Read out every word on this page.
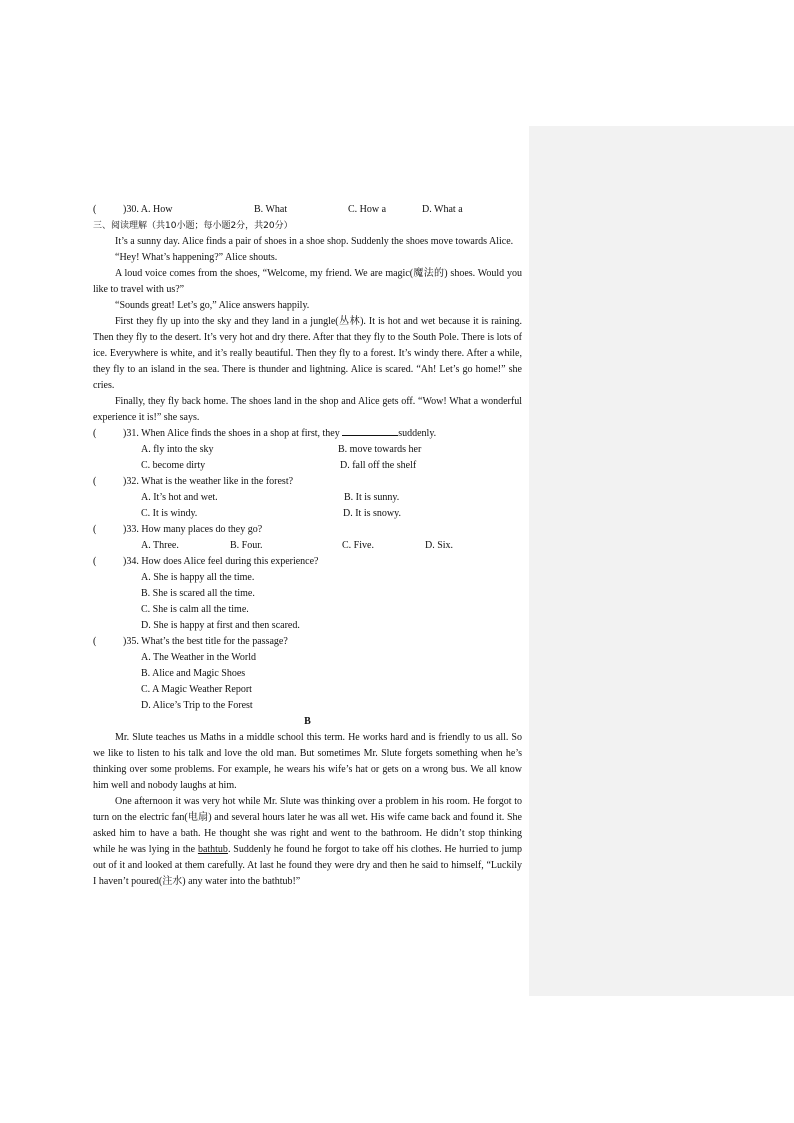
(	)30. A. How	B. What	C. How a	D. What a
三、阅读理解（共10小题；每小题2分，共20分）
It’s a sunny day. Alice finds a pair of shoes in a shoe shop. Suddenly the shoes move towards Alice.
“Hey! What’s happening?” Alice shouts.
A loud voice comes from the shoes, “Welcome, my friend. We are magic(魔法的) shoes. Would you like to travel with us?”
“Sounds great! Let’s go,” Alice answers happily.
First they fly up into the sky and they land in a jungle(丛林). It is hot and wet because it is raining. Then they fly to the desert. It’s very hot and dry there. After that they fly to the South Pole. There is lots of ice. Everywhere is white, and it’s really beautiful. Then they fly to a forest. It’s windy there. After a while, they fly to an island in the sea. There is thunder and lightning. Alice is scared. “Ah! Let’s go home!” she cries.
Finally, they fly back home. The shoes land in the shop and Alice gets off. “Wow! What a wonderful experience it is!” she says.
(	)31. When Alice finds the shoes in a shop at first, they	suddenly.
A. fly into the sky	B. move towards her
C. become dirty	D. fall off the shelf
(	)32. What is the weather like in the forest?
A. It’s hot and wet.	B. It is sunny.
C. It is windy.	D. It is snowy.
(	)33. How many places do they go?
A. Three.	B. Four.	C. Five.	D. Six.
(	)34. How does Alice feel during this experience?
A. She is happy all the time.
B. She is scared all the time.
C. She is calm all the time.
D. She is happy at first and then scared.
(	)35. What’s the best title for the passage?
A. The Weather in the World
B. Alice and Magic Shoes
C. A Magic Weather Report
D. Alice’s Trip to the Forest
B
Mr. Slute teaches us Maths in a middle school this term. He works hard and is friendly to us all. So we like to listen to his talk and love the old man. But sometimes Mr. Slute forgets something when he’s thinking over some problems. For example, he wears his wife’s hat or gets on a wrong bus. We all know him well and nobody laughs at him.
One afternoon it was very hot while Mr. Slute was thinking over a problem in his room. He forgot to turn on the electric fan(电扇) and several hours later he was all wet. His wife came back and found it. She asked him to have a bath. He thought she was right and went to the bathroom. He didn’t stop thinking while he was lying in the bathtub. Suddenly he found he forgot to take off his clothes. He hurried to jump out of it and looked at them carefully. At last he found they were dry and then he said to himself, “Luckily I haven’t poured(注水) any water into the bathtub!”
